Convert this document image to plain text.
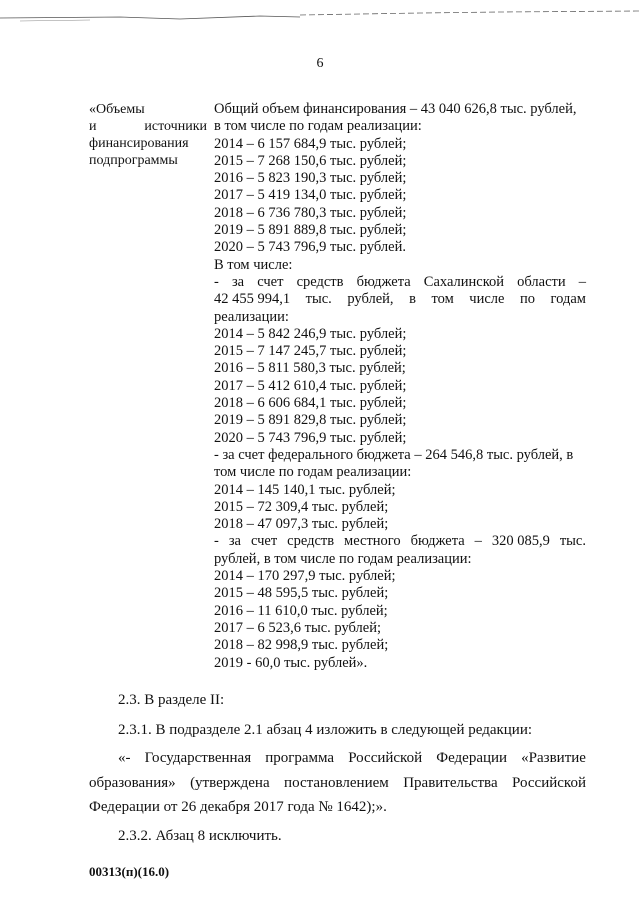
6
«Объемы
и	источники
финансирования
подпрограммы
Общий объем финансирования – 43 040 626,8 тыс. рублей,
в том числе по годам реализации:
2014 – 6 157 684,9 тыс. рублей;
2015 – 7 268 150,6 тыс. рублей;
2016 – 5 823 190,3 тыс. рублей;
2017 – 5 419 134,0 тыс. рублей;
2018 – 6 736 780,3 тыс. рублей;
2019 – 5 891 889,8 тыс. рублей;
2020 – 5 743 796,9 тыс. рублей.
В том числе:
- за счет средств бюджета Сахалинской области –
42 455 994,1 тыс. рублей, в том числе по годам
реализации:
2014 – 5 842 246,9 тыс. рублей;
2015 – 7 147 245,7 тыс. рублей;
2016 – 5 811 580,3 тыс. рублей;
2017 – 5 412 610,4 тыс. рублей;
2018 – 6 606 684,1 тыс. рублей;
2019 – 5 891 829,8 тыс. рублей;
2020 – 5 743 796,9 тыс. рублей;
- за счет федерального бюджета – 264 546,8 тыс. рублей, в
том числе по годам реализации:
2014 – 145 140,1 тыс. рублей;
2015 – 72 309,4 тыс. рублей;
2018 – 47 097,3 тыс. рублей;
- за счет средств местного бюджета – 320 085,9 тыс.
рублей, в том числе по годам реализации:
2014 – 170 297,9 тыс. рублей;
2015 – 48 595,5 тыс. рублей;
2016 – 11 610,0 тыс. рублей;
2017 – 6 523,6 тыс. рублей;
2018 – 82 998,9 тыс. рублей;
2019 - 60,0 тыс. рублей».
2.3. В разделе II:
2.3.1. В подразделе 2.1 абзац 4 изложить в следующей редакции:
«- Государственная программа Российской Федерации «Развитие
образования» (утверждена постановлением Правительства Российской
Федерации от 26 декабря 2017 года № 1642);».
2.3.2. Абзац 8 исключить.
00313(п)(16.0)
